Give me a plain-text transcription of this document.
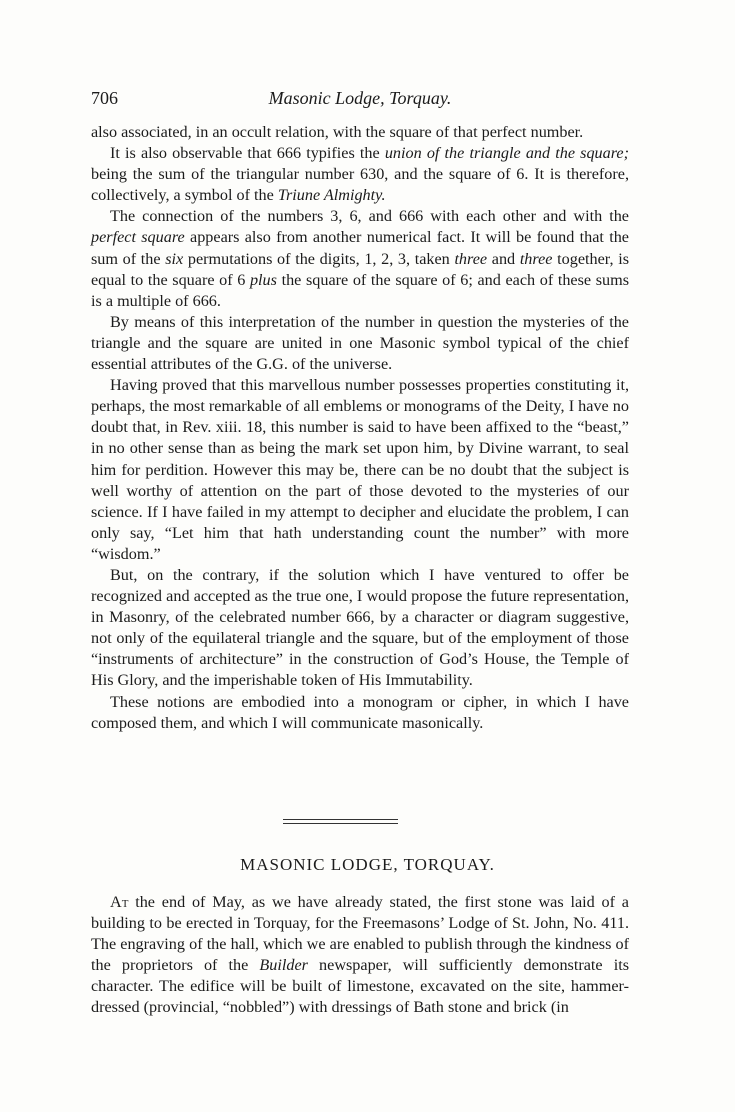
706	Masonic Lodge, Torquay.

also associated, in an occult relation, with the square of that perfect number.

It is also observable that 666 typifies the union of the triangle and the square; being the sum of the triangular number 630, and the square of 6. It is therefore, collectively, a symbol of the Triune Almighty.

The connection of the numbers 3, 6, and 666 with each other and with the perfect square appears also from another numerical fact. It will be found that the sum of the six permutations of the digits, 1, 2, 3, taken three and three together, is equal to the square of 6 plus the square of the square of 6; and each of these sums is a multiple of 666.

By means of this interpretation of the number in question the mysteries of the triangle and the square are united in one Masonic symbol typical of the chief essential attributes of the G.G. of the universe.

Having proved that this marvellous number possesses properties constituting it, perhaps, the most remarkable of all emblems or monograms of the Deity, I have no doubt that, in Rev. xiii. 18, this number is said to have been affixed to the “beast,” in no other sense than as being the mark set upon him, by Divine warrant, to seal him for perdition. However this may be, there can be no doubt that the subject is well worthy of attention on the part of those devoted to the mysteries of our science. If I have failed in my attempt to decipher and elucidate the problem, I can only say, “Let him that hath understanding count the number” with more “wisdom.”

But, on the contrary, if the solution which I have ventured to offer be recognized and accepted as the true one, I would propose the future representation, in Masonry, of the celebrated number 666, by a character or diagram suggestive, not only of the equilateral triangle and the square, but of the employment of those “instruments of architecture” in the construction of God’s House, the Temple of His Glory, and the imperishable token of His Immutability.

These notions are embodied into a monogram or cipher, in which I have composed them, and which I will communicate masonically.

MASONIC LODGE, TORQUAY.

At the end of May, as we have already stated, the first stone was laid of a building to be erected in Torquay, for the Freemasons’ Lodge of St. John, No. 411. The engraving of the hall, which we are enabled to publish through the kindness of the proprietors of the Builder newspaper, will sufficiently demonstrate its character. The edifice will be built of limestone, excavated on the site, hammer-dressed (provincial, “nobbled”) with dressings of Bath stone and brick (in
